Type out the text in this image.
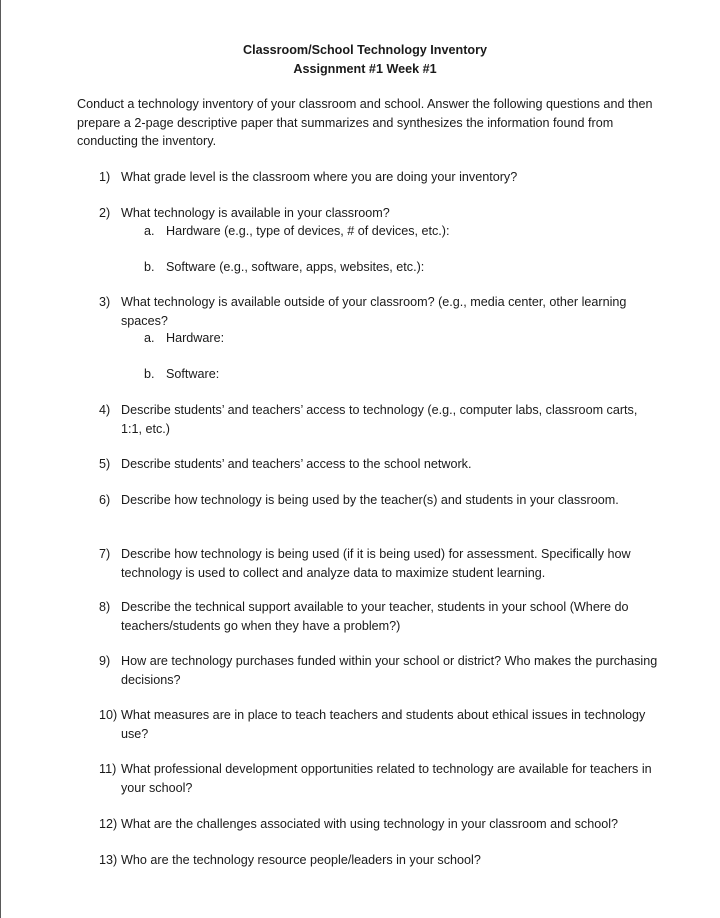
Classroom/School Technology Inventory
Assignment #1 Week #1
Conduct a technology inventory of your classroom and school. Answer the following questions and then prepare a 2-page descriptive paper that summarizes and synthesizes the information found from conducting the inventory.
1) What grade level is the classroom where you are doing your inventory?
2) What technology is available in your classroom?
a. Hardware (e.g., type of devices, # of devices, etc.):
b. Software (e.g., software, apps, websites, etc.):
3) What technology is available outside of your classroom? (e.g., media center, other learning spaces?
a. Hardware:
b. Software:
4) Describe students’ and teachers’ access to technology (e.g., computer labs, classroom carts, 1:1, etc.)
5) Describe students’ and teachers’ access to the school network.
6) Describe how technology is being used by the teacher(s) and students in your classroom.
7) Describe how technology is being used (if it is being used) for assessment. Specifically how technology is used to collect and analyze data to maximize student learning.
8) Describe the technical support available to your teacher, students in your school (Where do teachers/students go when they have a problem?)
9) How are technology purchases funded within your school or district? Who makes the purchasing decisions?
10) What measures are in place to teach teachers and students about ethical issues in technology use?
11) What professional development opportunities related to technology are available for teachers in your school?
12) What are the challenges associated with using technology in your classroom and school?
13) Who are the technology resource people/leaders in your school?
